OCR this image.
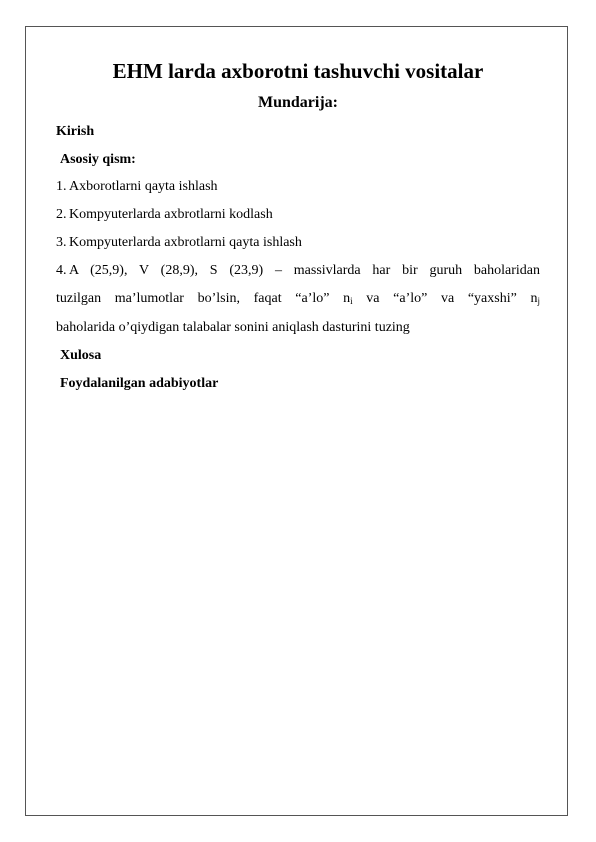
EHM larda axborotni tashuvchi vositalar
Mundarija:
Kirish
Asosiy qism:
1. Axborotlarni qayta ishlash
2. Kompyuterlarda axbrotlarni kodlash
3. Kompyuterlarda axbrotlarni qayta ishlash
4. A (25,9), V (28,9), S (23,9) – massivlarda har bir guruh baholaridan
tuzilgan ma’lumotlar bo’lsin, faqat “a’lo” $n_i$ va “a’lo” va “yaxshi” $n_j$
baholarida o’qiydigan talabalar sonini aniqlash dasturini tuzing
Xulosa
Foydalanilgan adabiyotlar
